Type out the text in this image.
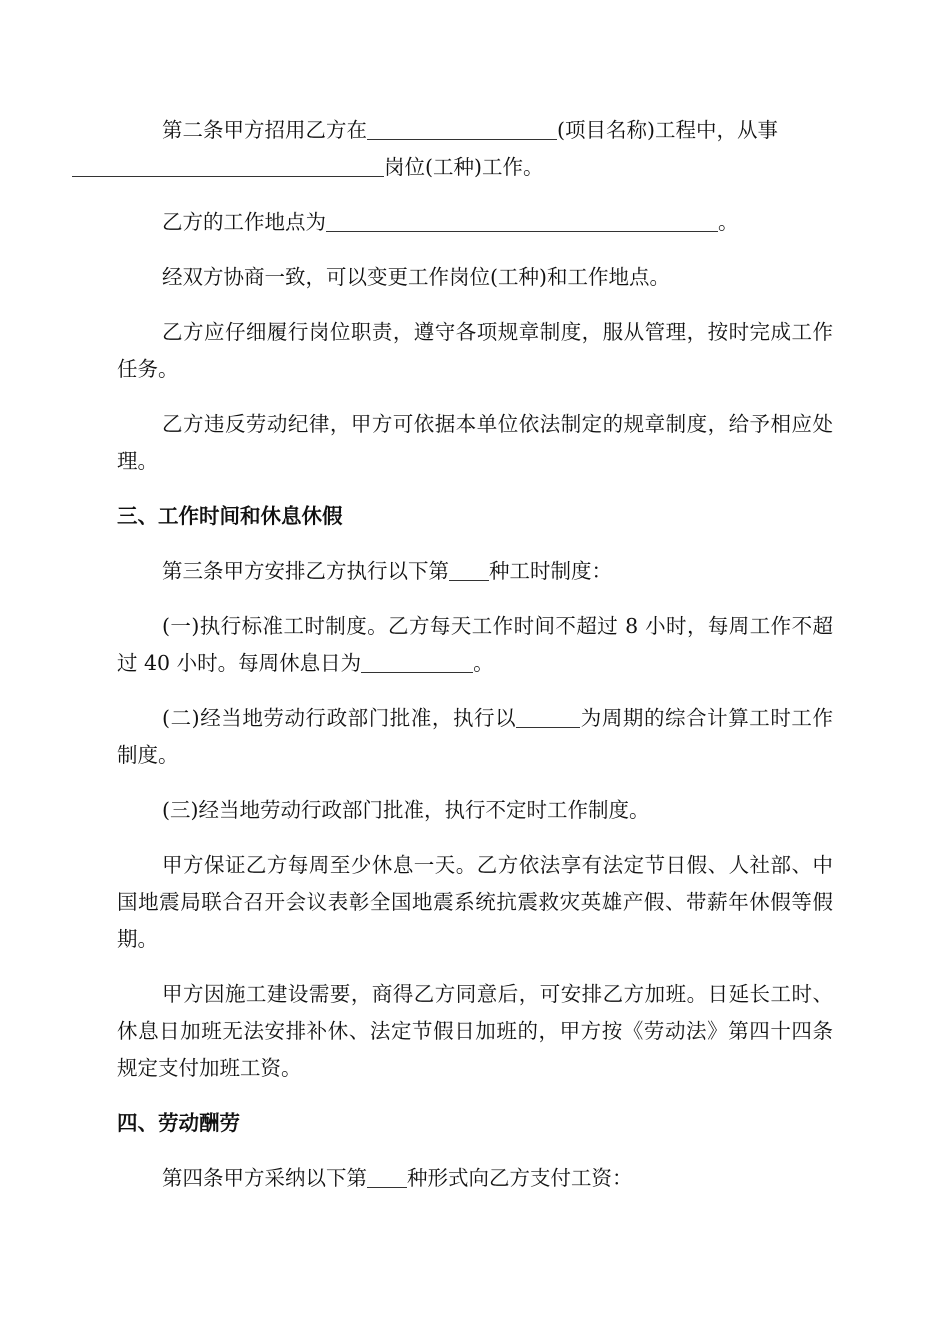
第二条甲方招用乙方在	(项目名称)工程中，从事
岗位(工种)工作。

乙方的工作地点为	。

经双方协商一致，可以变更工作岗位(工种)和工作地点。

乙方应仔细履行岗位职责，遵守各项规章制度，服从管理，按时完成工作任务。

乙方违反劳动纪律，甲方可依据本单位依法制定的规章制度，给予相应处理。

三、工作时间和休息休假

第三条甲方安排乙方执行以下第 种工时制度：

(一)执行标准工时制度。乙方每天工作时间不超过 8 小时，每周工作不超过 40 小时。每周休息日为	。

(二)经当地劳动行政部门批准，执行以	为周期的综合计算工时工作制度。

(三)经当地劳动行政部门批准，执行不定时工作制度。

甲方保证乙方每周至少休息一天。乙方依法享有法定节日假、人社部、中国地震局联合召开会议表彰全国地震系统抗震救灾英雄产假、带薪年休假等假期。

甲方因施工建设需要，商得乙方同意后，可安排乙方加班。日延长工时、休息日加班无法安排补休、法定节假日加班的，甲方按《劳动法》第四十四条规定支付加班工资。

四、劳动酬劳

第四条甲方采纳以下第 种形式向乙方支付工资：
